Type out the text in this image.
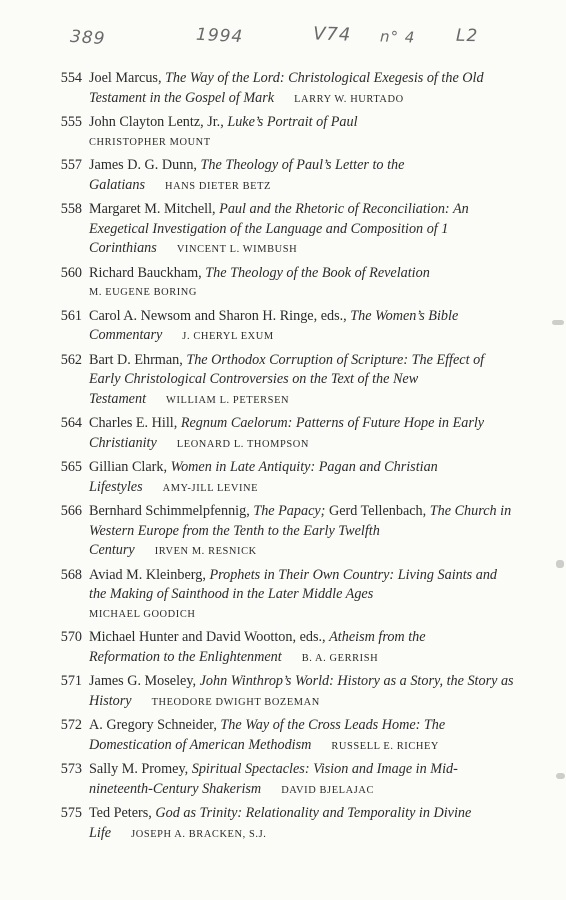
389	1994	V74 n° 4 L2
554 Joel Marcus, The Way of the Lord: Christological Exegesis of the Old Testament in the Gospel of Mark LARRY W. HURTADO
555 John Clayton Lentz, Jr., Luke’s Portrait of Paul
CHRISTOPHER MOUNT
557 James D. G. Dunn, The Theology of Paul’s Letter to the Galatians HANS DIETER BETZ
558 Margaret M. Mitchell, Paul and the Rhetoric of Reconciliation: An Exegetical Investigation of the Language and Composition of 1 Corinthians VINCENT L. WIMBUSH
560 Richard Bauckham, The Theology of the Book of Revelation
M. EUGENE BORING
561 Carol A. Newsom and Sharon H. Ringe, eds., The Women’s Bible Commentary J. CHERYL EXUM
562 Bart D. Ehrman, The Orthodox Corruption of Scripture: The Effect of Early Christological Controversies on the Text of the New Testament WILLIAM L. PETERSEN
564 Charles E. Hill, Regnum Caelorum: Patterns of Future Hope in Early Christianity LEONARD L. THOMPSON
565 Gillian Clark, Women in Late Antiquity: Pagan and Christian Lifestyles AMY-JILL LEVINE
566 Bernhard Schimmelpfennig, The Papacy; Gerd Tellenbach, The Church in Western Europe from the Tenth to the Early Twelfth Century IRVEN M. RESNICK
568 Aviad M. Kleinberg, Prophets in Their Own Country: Living Saints and the Making of Sainthood in the Later Middle Ages
MICHAEL GOODICH
570 Michael Hunter and David Wootton, eds., Atheism from the Reformation to the Enlightenment B. A. GERRISH
571 James G. Moseley, John Winthrop’s World: History as a Story, the Story as History THEODORE DWIGHT BOZEMAN
572 A. Gregory Schneider, The Way of the Cross Leads Home: The Domestication of American Methodism RUSSELL E. RICHEY
573 Sally M. Promey, Spiritual Spectacles: Vision and Image in Mid-nineteenth-Century Shakerism DAVID BJELAJAC
575 Ted Peters, God as Trinity: Relationality and Temporality in Divine Life JOSEPH A. BRACKEN, S.J.
